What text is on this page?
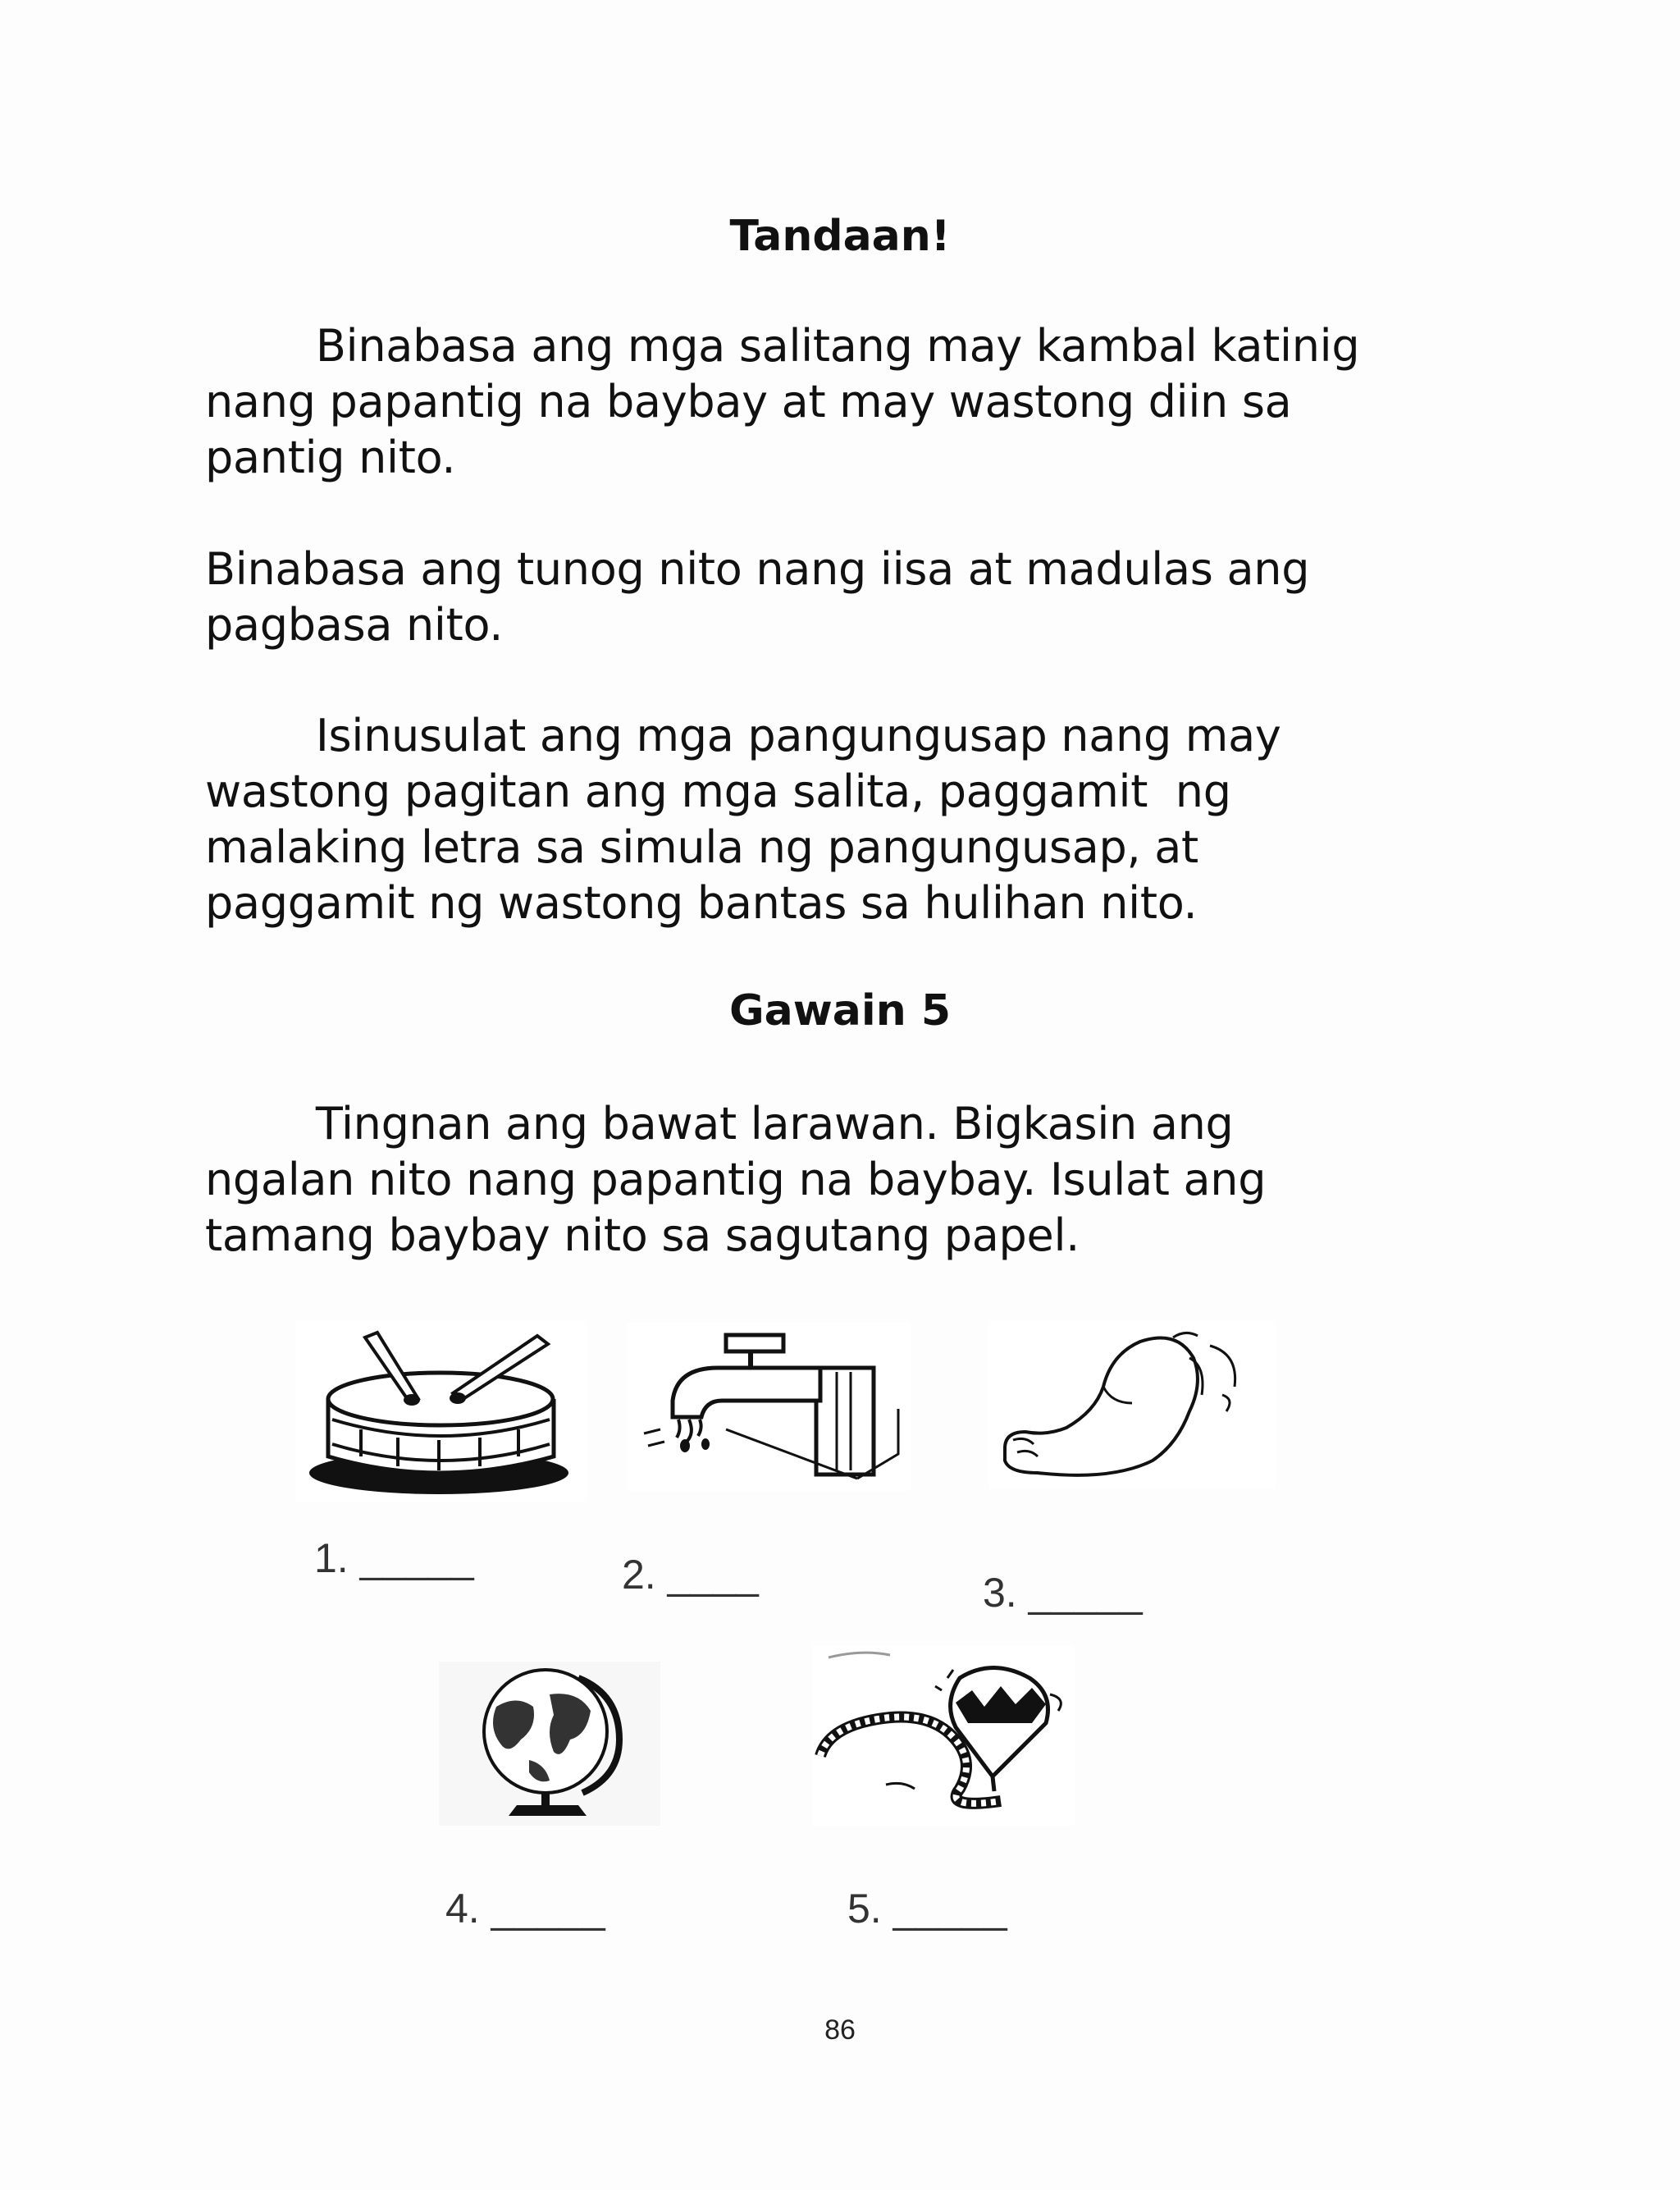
Tandaan!

Binabasa ang mga salitang may kambal katinig
nang papantig na baybay at may wastong diin sa
pantig nito.

Binabasa ang tunog nito nang iisa at madulas ang
pagbasa nito.

Isinusulat ang mga pangungusap nang may
wastong pagitan ang mga salita, paggamit  ng
malaking letra sa simula ng pangungusap, at
paggamit ng wastong bantas sa hulihan nito.

Gawain 5

Tingnan ang bawat larawan. Bigkasin ang
ngalan nito nang papantig na baybay. Isulat ang
tamang baybay nito sa sagutang papel.

1. _____	2. ____	3. _____

4. _____	5. _____

86
